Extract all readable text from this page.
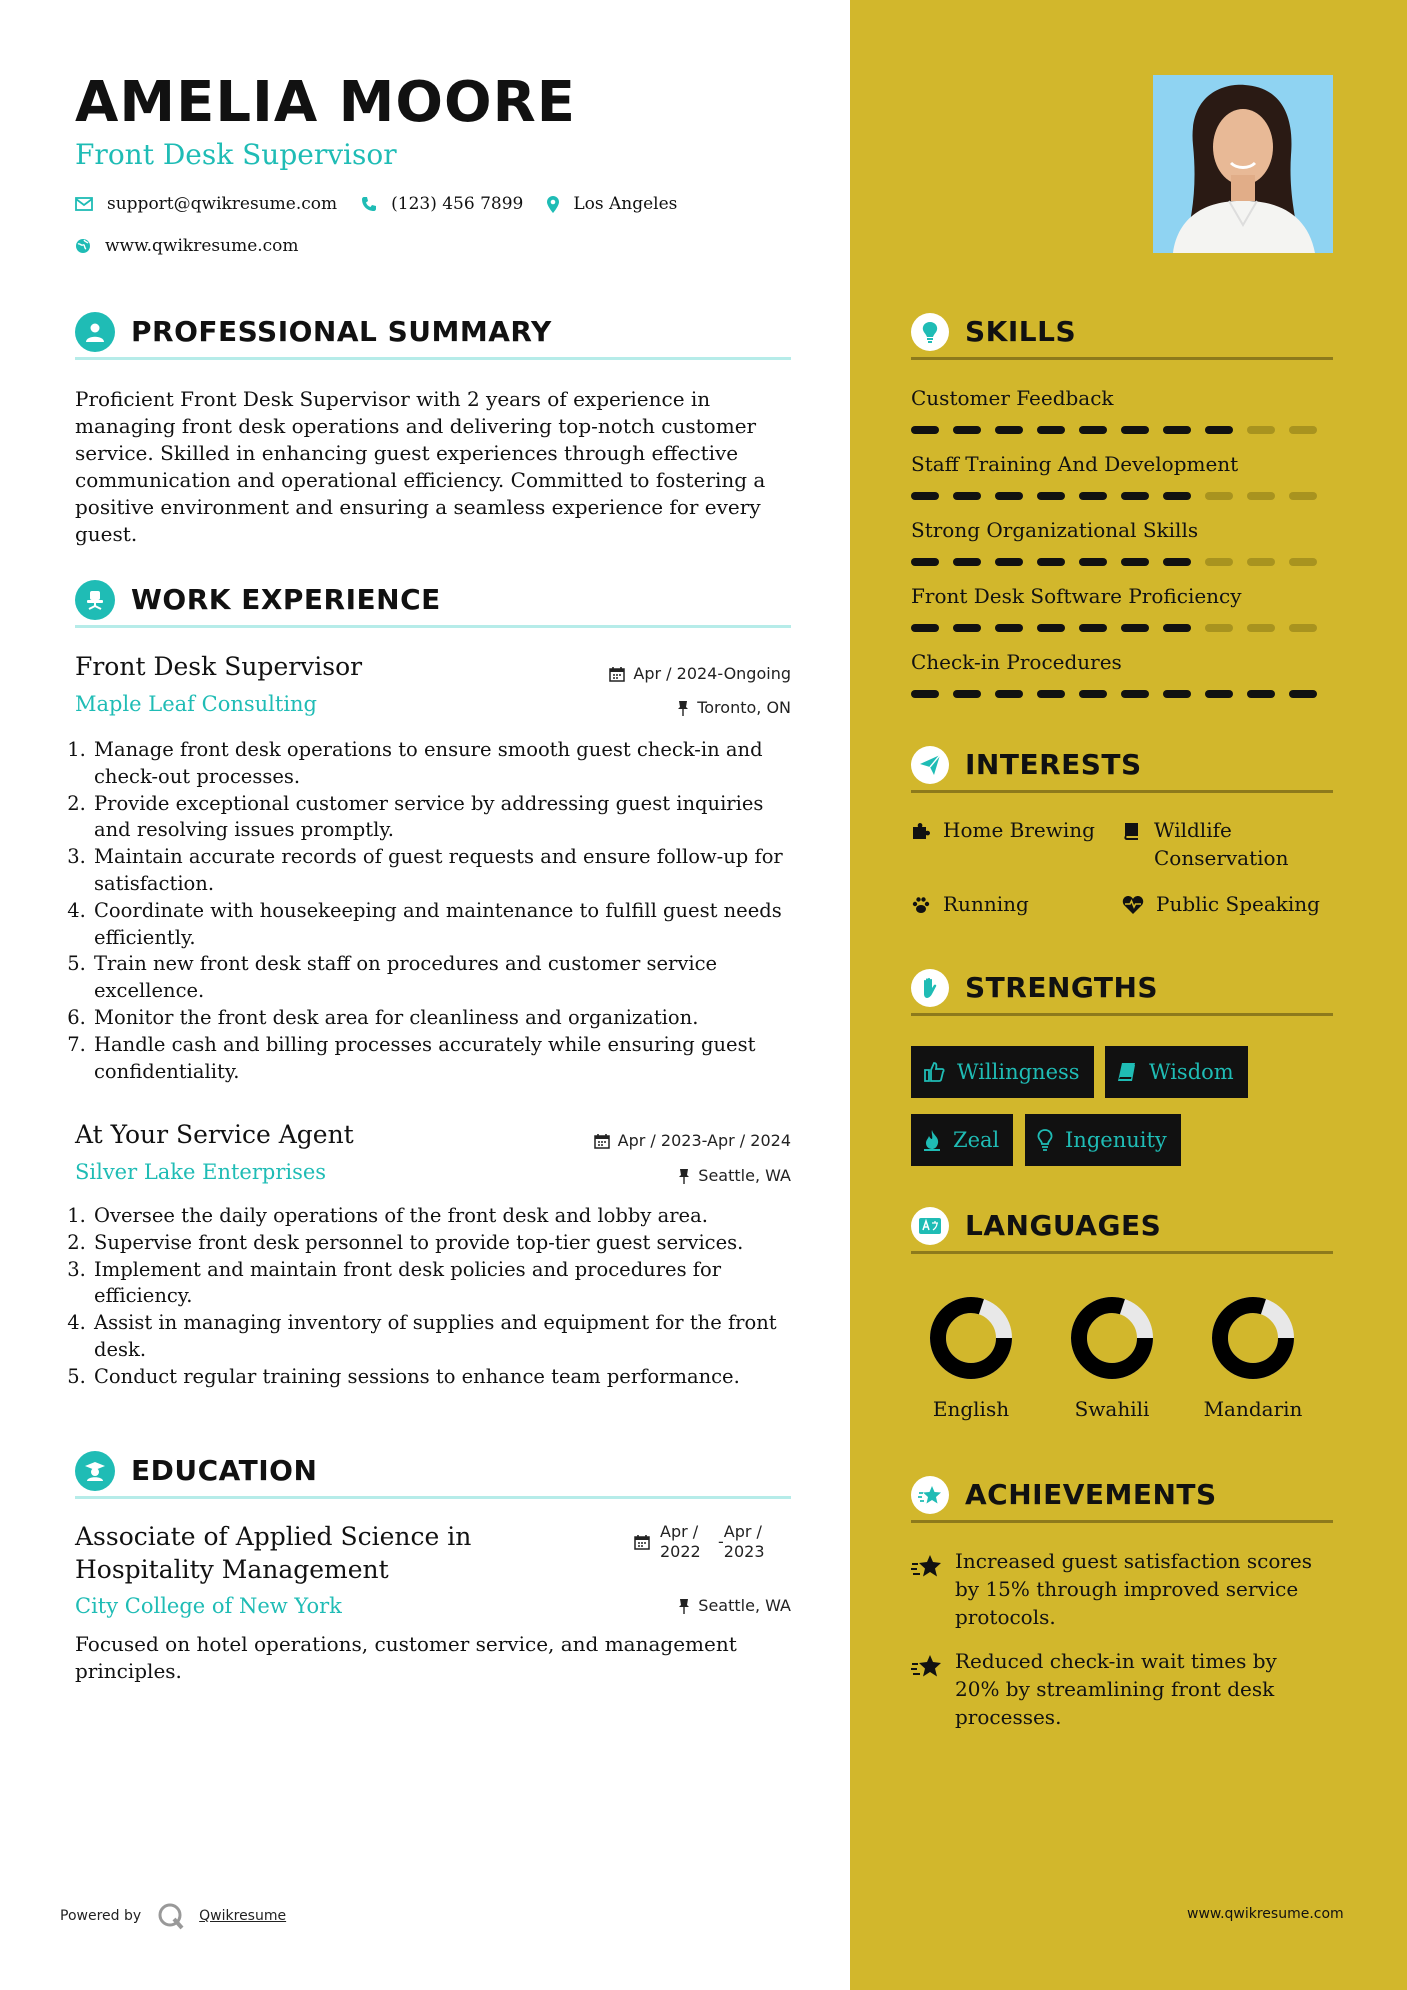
AMELIA MOORE
Front Desk Supervisor
support@qwikresume.com	(123) 456 7899	Los Angeles
www.qwikresume.com
PROFESSIONAL SUMMARY
Proficient Front Desk Supervisor with 2 years of experience in managing front desk operations and delivering top-notch customer service. Skilled in enhancing guest experiences through effective communication and operational efficiency. Committed to fostering a positive environment and ensuring a seamless experience for every guest.
WORK EXPERIENCE
Front Desk Supervisor
Maple Leaf Consulting
Apr / 2024-Ongoing
Toronto, ON
1. Manage front desk operations to ensure smooth guest check-in and check-out processes.
2. Provide exceptional customer service by addressing guest inquiries and resolving issues promptly.
3. Maintain accurate records of guest requests and ensure follow-up for satisfaction.
4. Coordinate with housekeeping and maintenance to fulfill guest needs efficiently.
5. Train new front desk staff on procedures and customer service excellence.
6. Monitor the front desk area for cleanliness and organization.
7. Handle cash and billing processes accurately while ensuring guest confidentiality.
At Your Service Agent
Silver Lake Enterprises
Apr / 2023-Apr / 2024
Seattle, WA
1. Oversee the daily operations of the front desk and lobby area.
2. Supervise front desk personnel to provide top-tier guest services.
3. Implement and maintain front desk policies and procedures for efficiency.
4. Assist in managing inventory of supplies and equipment for the front desk.
5. Conduct regular training sessions to enhance team performance.
EDUCATION
Associate of Applied Science in Hospitality Management
Apr / 2022
-
Apr / 2023
City College of New York	Seattle, WA
Focused on hotel operations, customer service, and management principles.
Powered by	Qwikresume
SKILLS
Customer Feedback
Staff Training And Development
Strong Organizational Skills
Front Desk Software Proficiency
Check-in Procedures
INTERESTS
Home Brewing	Wildlife Conservation
Running	Public Speaking
STRENGTHS
Willingness	Wisdom
Zeal	Ingenuity
LANGUAGES
English	Swahili	Mandarin
ACHIEVEMENTS
Increased guest satisfaction scores by 15% through improved service protocols.
Reduced check-in wait times by 20% by streamlining front desk processes.
www.qwikresume.com
